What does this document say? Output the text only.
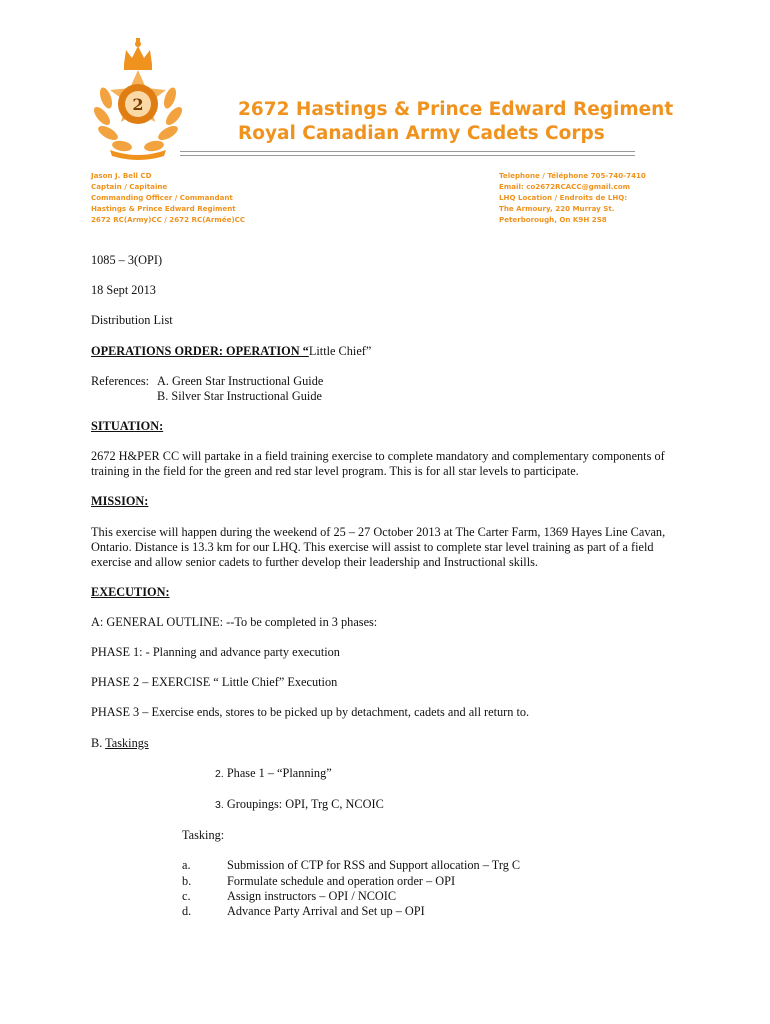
2	2672 Hastings & Prince Edward Regiment
Royal Canadian Army Cadets Corps
Jason J. Bell CD
Captain / Capitaine
Commanding Officer / Commandant
Hastings & Prince Edward Regiment
2672 RC(Army)CC / 2672 RC(Armée)CC
Telephone / Téléphone 705-740-7410
Email: co2672RCACC@gmail.com
LHQ Location / Endroits de LHQ:
The Armoury, 220 Murray St.
Peterborough, On K9H 2S8

1085 – 3(OPI)

18 Sept 2013

Distribution List

OPERATIONS ORDER: OPERATION “Little Chief”

References: A. Green Star Instructional Guide
B. Silver Star Instructional Guide

SITUATION:

2672 H&PER CC will partake in a field training exercise to complete mandatory and complementary components of training in the field for the green and red star level program. This is for all star levels to participate.

MISSION:

This exercise will happen during the weekend of 25 – 27 October 2013 at The Carter Farm, 1369 Hayes Line Cavan, Ontario. Distance is 13.3 km for our LHQ. This exercise will assist to complete star level training as part of a field exercise and allow senior cadets to further develop their leadership and Instructional skills.

EXECUTION:

A: GENERAL OUTLINE: --To be completed in 3 phases:

PHASE 1: - Planning and advance party execution

PHASE 2 – EXERCISE “ Little Chief” Execution

PHASE 3 – Exercise ends, stores to be picked up by detachment, cadets and all return to.

B. Taskings

2. Phase 1 – “Planning”

3. Groupings: OPI, Trg C, NCOIC

Tasking:

a.	Submission of CTP for RSS and Support allocation – Trg C
b.	Formulate schedule and operation order – OPI
c.	Assign instructors – OPI / NCOIC
d.	Advance Party Arrival and Set up – OPI
